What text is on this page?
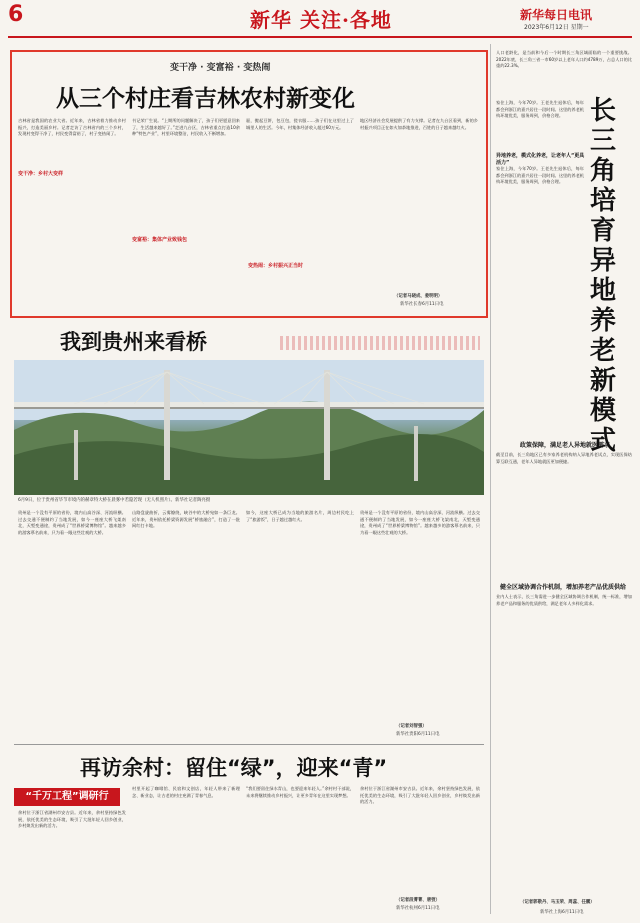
6	新华 关注·各地	新华每日电讯
2023年6月12日 星期一
变干净 · 变富裕 · 变热闹
从三个村庄看吉林农村新变化
吉林省是我国的农业大省。近年来，吉林省着力推动乡村振兴，打造美丽乡村。记者走访了吉林省内的三个乡村，发现村变得干净了，村民变得富裕了，村子变热闹了。
变干净：乡村大变样
书记荣广生说。“上期所的问题解决了，孩子们更愿意回来了，生活越来越好了。”走进九台区，吉林省重点打造10余种“特色产业”，村里环境整洁，村民收入不断增加。
变富裕：集体产业致钱包
驱，搬起豆饼，包豆包，搓衣服……孩子们在这里过上了城里人的生活。今年，村集体经济收入超过60万元。
变热闹：乡村振兴正当时
地区经济社会发展提供了有力支撑。记者在九台区看到，新的乡村振兴项目正在如火如荼地推进，百姓的日子越来越红火。
（记者马晓成、姜明明）
新华社长春6月11日电
人口老龄化，是当前和今后一个时期长三角区域面临的一个重要挑战。2022年底，长三角三省一市60岁以上老年人口约4789万，占总人口的比重约22.3%。
长三角培育异地养老新模式
家住上海，今年70岁。王老先生退休后，每年都会到浙江的嘉兴居住一段时间。这里的养老机构环境优美，服务周到，价格合理。
异地养老，模式化养老，让老年人“更具活力”
家住上海，今年70岁。王老先生退休后，每年都会到浙江的嘉兴居住一段时间。这里的养老机构环境优美，服务周到，价格合理。
政策保障，满足老人异地就医需求
截至目前，长三角地区已有多家养老机构纳入异地养老试点，实现医保结算互联互通，老年人异地就医更加便捷。
健全区域协调合作机制，增加养老产品优质供给
业内人士表示，长三角需进一步健全区域协调合作机制，统一标准，增加养老产品和服务的优质供给，满足老年人多样化需求。
（记者郭敬丹、马玉荣、周蕊、任鹏）
新华社上海6月11日电
我到贵州来看桥
6月9日，位于贵州省毕节市境内的赫章特大桥在晨雾中若隐若现（无人机照片）。新华社记者陶亮摄
贵州是一个没有平原的省份，境内山高谷深、河流纵横。过去交通不便制约了当地发展，如今一座座大桥飞架南北，天堑变通途，贵州成了“世界桥梁博物馆”。越来越多的游客慕名前来，只为看一眼这些壮观的大桥。
山路盘旋曲折，云雾缭绕，峡谷中的大桥宛如一条巨龙。近年来，贵州依托桥梁资源发展“桥旅融合”，打造了一批网红打卡地。
如今，这座大桥已成为当地的旅游名片，周边村民吃上了“旅游饭”，日子越过越红火。
贵州是一个没有平原的省份，境内山高谷深、河流纵横。过去交通不便制约了当地发展，如今一座座大桥飞架南北，天堑变通途，贵州成了“世界桥梁博物馆”。越来越多的游客慕名前来，只为看一眼这些壮观的大桥。
（记者刘智强）
新华社贵阳6月11日电
再访余村：留住“绿”，迎来“青”
“千万工程”调研行
余村位于浙江省湖州市安吉县。近年来，余村坚持绿色发展，依托优美的生态环境，吸引了大批年轻人回乡创业，乡村焕发出新的活力。
村里开起了咖啡馆、民宿和文创店，年轻人带来了新理念、新业态，让古老的村庄充满了青春气息。
“我们要留住绿水青山，也要迎来年轻人。”余村村干部说，未来将继续推动乡村振兴，让更多青年在这里实现梦想。
余村位于浙江省湖州市安吉县。近年来，余村坚持绿色发展，依托优美的生态环境，吸引了大批年轻人回乡创业，乡村焕发出新的活力。
（记者段菁菁、唐弢）
新华社杭州6月11日电
